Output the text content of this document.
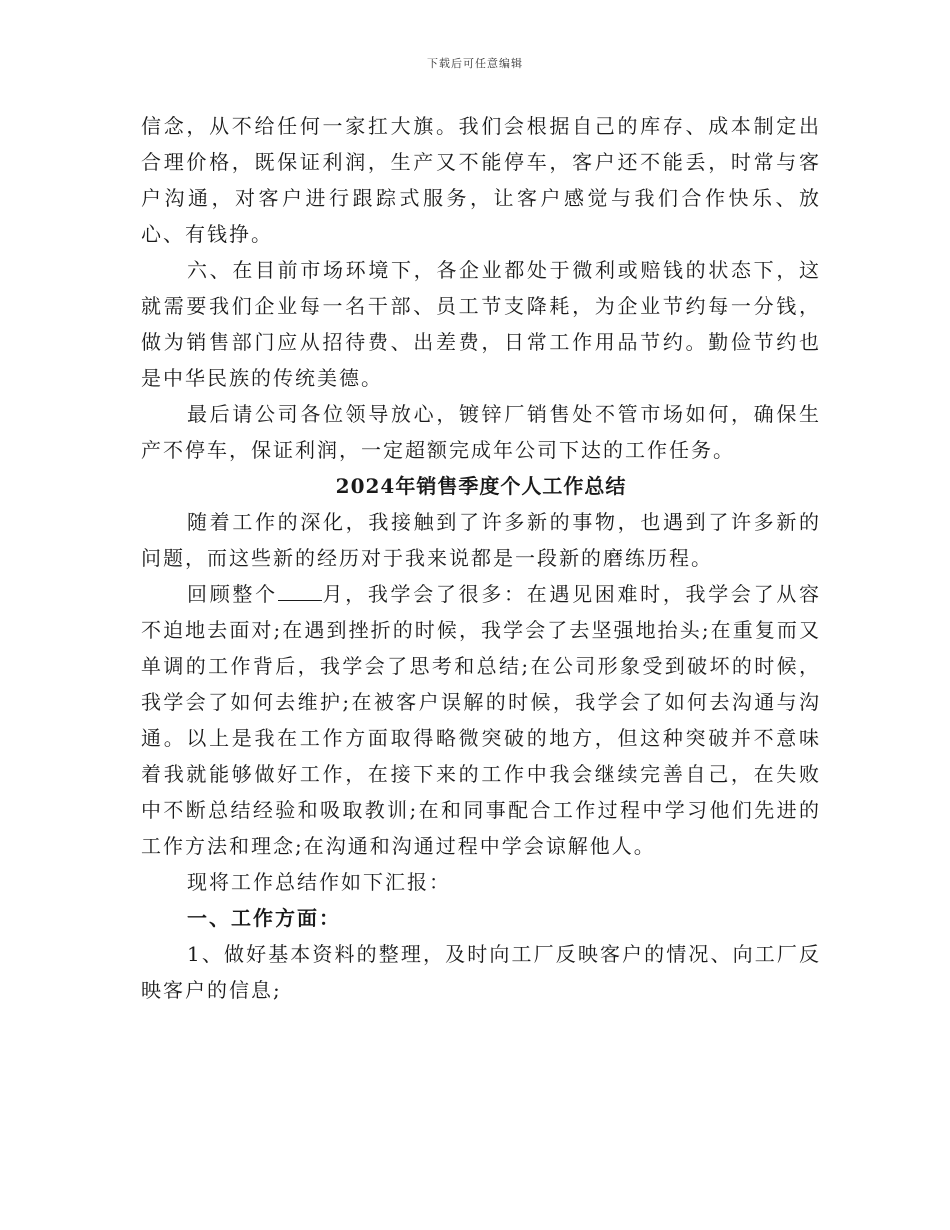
下载后可任意编辑

信念，从不给任何一家扛大旗。我们会根据自己的库存、成本制定出合理价格，既保证利润，生产又不能停车，客户还不能丢，时常与客户沟通，对客户进行跟踪式服务，让客户感觉与我们合作快乐、放心、有钱挣。

六、在目前市场环境下，各企业都处于微利或赔钱的状态下，这就需要我们企业每一名干部、员工节支降耗，为企业节约每一分钱，做为销售部门应从招待费、出差费，日常工作用品节约。勤俭节约也是中华民族的传统美德。

最后请公司各位领导放心，镀锌厂销售处不管市场如何，确保生产不停车，保证利润，一定超额完成年公司下达的工作任务。

2024年销售季度个人工作总结

随着工作的深化，我接触到了许多新的事物，也遇到了许多新的问题，而这些新的经历对于我来说都是一段新的磨练历程。

回顾整个 月，我学会了很多：在遇见困难时，我学会了从容不迫地去面对;在遇到挫折的时候，我学会了去坚强地抬头;在重复而又单调的工作背后，我学会了思考和总结;在公司形象受到破坏的时候，我学会了如何去维护;在被客户误解的时候，我学会了如何去沟通与沟通。以上是我在工作方面取得略微突破的地方，但这种突破并不意味着我就能够做好工作，在接下来的工作中我会继续完善自己，在失败中不断总结经验和吸取教训;在和同事配合工作过程中学习他们先进的工作方法和理念;在沟通和沟通过程中学会谅解他人。

现将工作总结作如下汇报：

一、工作方面：

1、做好基本资料的整理，及时向工厂反映客户的情况、向工厂反映客户的信息;
